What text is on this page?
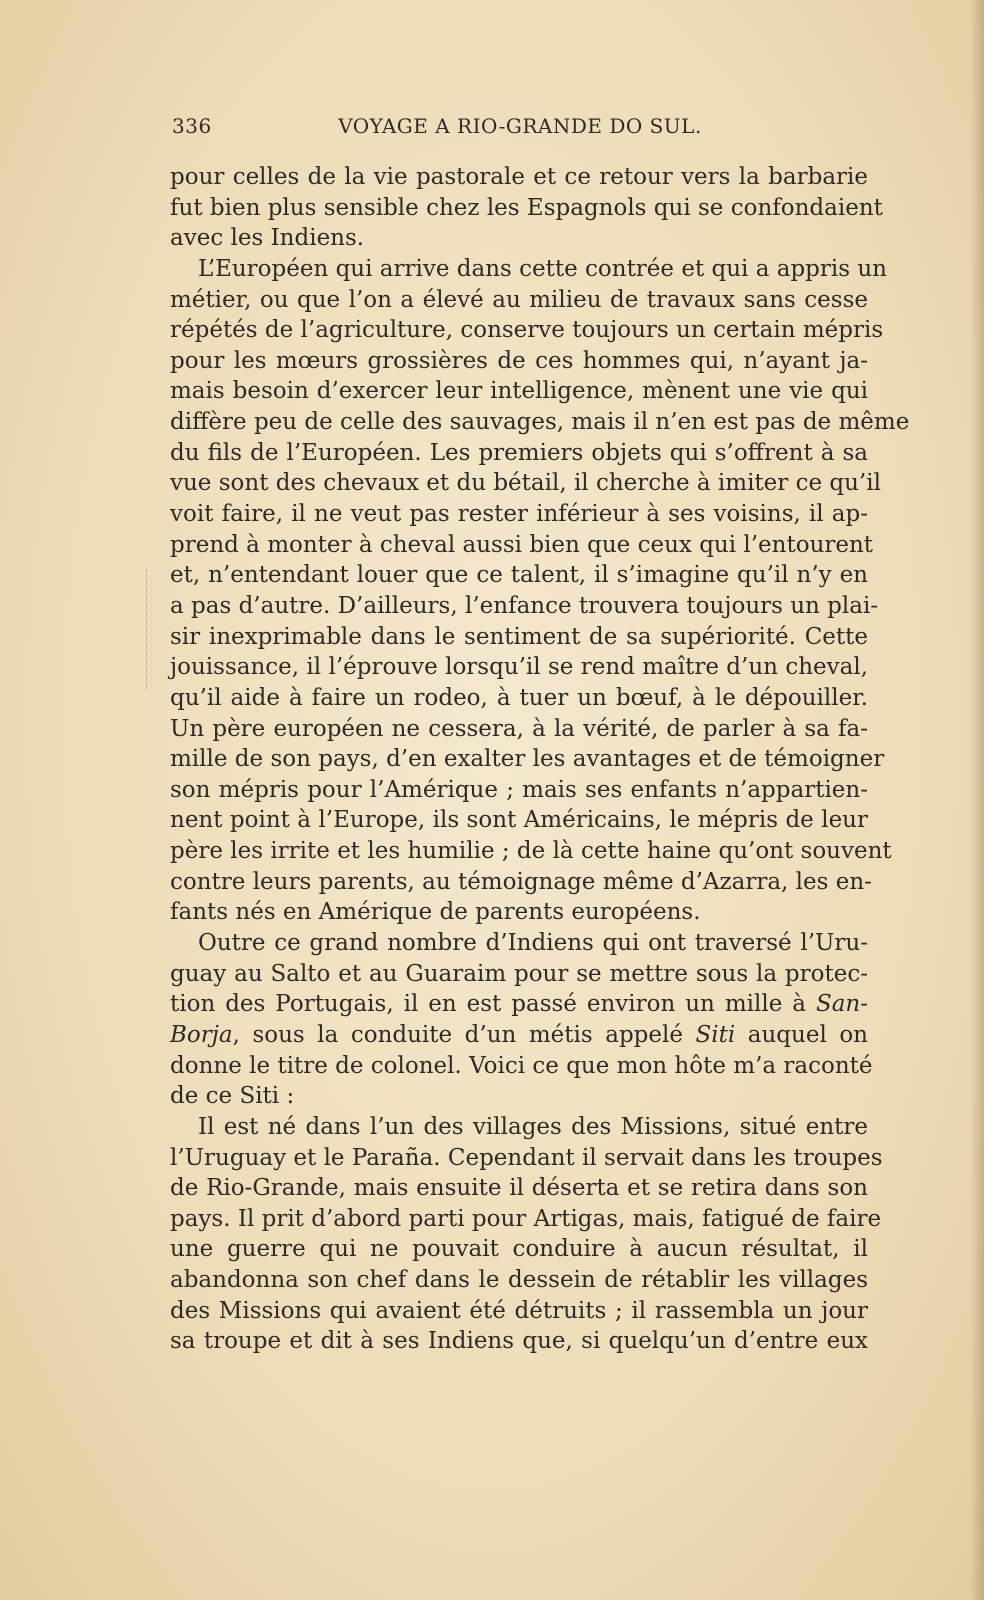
336	VOYAGE A RIO-GRANDE DO SUL.
pour celles de la vie pastorale et ce retour vers la barbarie
fut bien plus sensible chez les Espagnols qui se confondaient
avec les Indiens.
L’Européen qui arrive dans cette contrée et qui a appris un
métier, ou que l’on a élevé au milieu de travaux sans cesse
répétés de l’agriculture, conserve toujours un certain mépris
pour les mœurs grossières de ces hommes qui, n’ayant ja-
mais besoin d’exercer leur intelligence, mènent une vie qui
diffère peu de celle des sauvages, mais il n’en est pas de même
du fils de l’Européen. Les premiers objets qui s’offrent à sa
vue sont des chevaux et du bétail, il cherche à imiter ce qu’il
voit faire, il ne veut pas rester inférieur à ses voisins, il ap-
prend à monter à cheval aussi bien que ceux qui l’entourent
et, n’entendant louer que ce talent, il s’imagine qu’il n’y en
a pas d’autre. D’ailleurs, l’enfance trouvera toujours un plai-
sir inexprimable dans le sentiment de sa supériorité. Cette
jouissance, il l’éprouve lorsqu’il se rend maître d’un cheval,
qu’il aide à faire un rodeo, à tuer un bœuf, à le dépouiller.
Un père européen ne cessera, à la vérité, de parler à sa fa-
mille de son pays, d’en exalter les avantages et de témoigner
son mépris pour l’Amérique ; mais ses enfants n’appartien-
nent point à l’Europe, ils sont Américains, le mépris de leur
père les irrite et les humilie ; de là cette haine qu’ont souvent
contre leurs parents, au témoignage même d’Azarra, les en-
fants nés en Amérique de parents européens.
Outre ce grand nombre d’Indiens qui ont traversé l’Uru-
guay au Salto et au Guaraim pour se mettre sous la protec-
tion des Portugais, il en est passé environ un mille à San-
Borja, sous la conduite d’un métis appelé Siti auquel on
donne le titre de colonel. Voici ce que mon hôte m’a raconté
de ce Siti :
Il est né dans l’un des villages des Missions, situé entre
l’Uruguay et le Paraña. Cependant il servait dans les troupes
de Rio-Grande, mais ensuite il déserta et se retira dans son
pays. Il prit d’abord parti pour Artigas, mais, fatigué de faire
une guerre qui ne pouvait conduire à aucun résultat, il
abandonna son chef dans le dessein de rétablir les villages
des Missions qui avaient été détruits ; il rassembla un jour
sa troupe et dit à ses Indiens que, si quelqu’un d’entre eux
